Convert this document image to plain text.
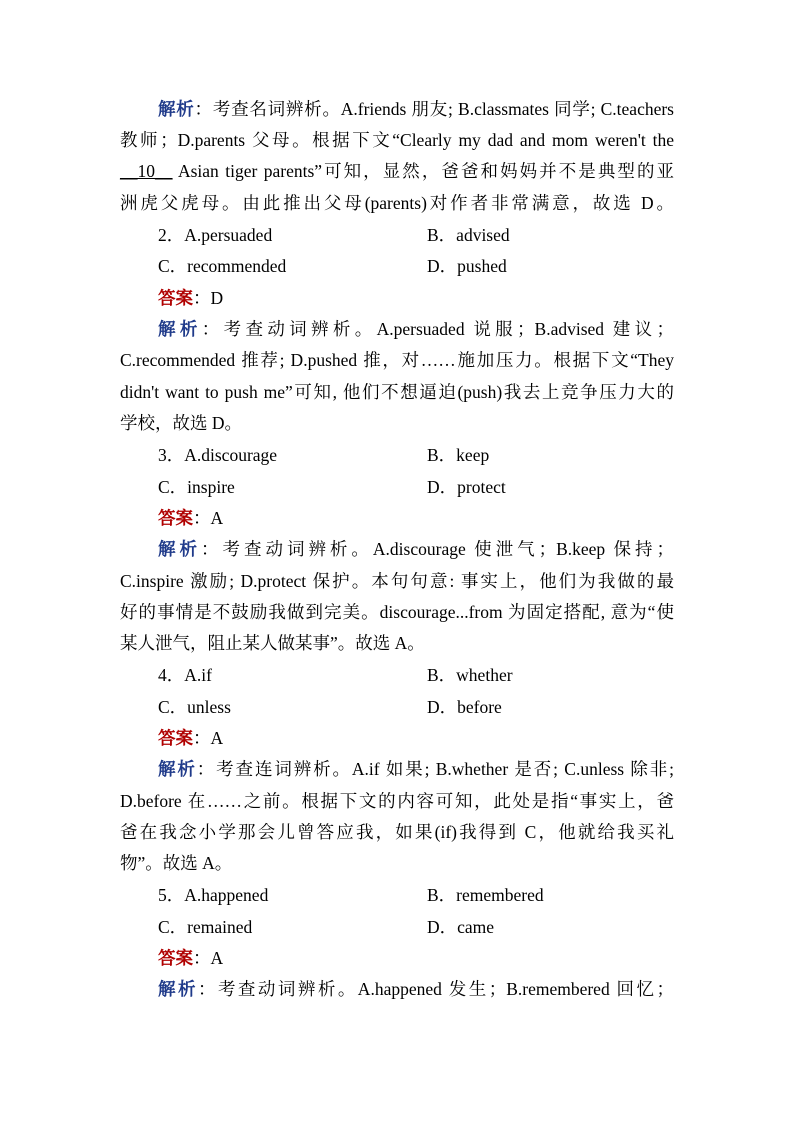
解析：考查名词辨析。A.friends 朋友; B.classmates 同学; C.teachers
教师；D.parents 父母。根据下文“Clearly my dad and mom weren't the
__10__ Asian tiger parents”可知，显然，爸爸和妈妈并不是典型的亚
洲虎父虎母。由此推出父母(parents)对作者非常满意，故选 D。
2．A.persuaded	B．advised
C．recommended	D．pushed
答案：D
解析：考查动词辨析。A.persuaded 说服；B.advised 建议；
C.recommended 推荐; D.pushed 推，对……施加压力。根据下文“They
didn't want to push me”可知, 他们不想逼迫(push)我去上竞争压力大的
学校，故选 D。
3．A.discourage	B．keep
C．inspire	D．protect
答案：A
解析：考查动词辨析。A.discourage 使泄气；B.keep 保持；
C.inspire 激励; D.protect 保护。本句句意: 事实上，他们为我做的最
好的事情是不鼓励我做到完美。discourage...from 为固定搭配, 意为“使
某人泄气，阻止某人做某事”。故选 A。
4．A.if	B．whether
C．unless	D．before
答案：A
解析：考查连词辨析。A.if 如果; B.whether 是否; C.unless 除非;
D.before 在……之前。根据下文的内容可知，此处是指“事实上，爸
爸在我念小学那会儿曾答应我，如果(if)我得到 C，他就给我买礼
物”。故选 A。
5．A.happened	B．remembered
C．remained	D．came
答案：A
解析：考查动词辨析。A.happened 发生；B.remembered 回忆；
